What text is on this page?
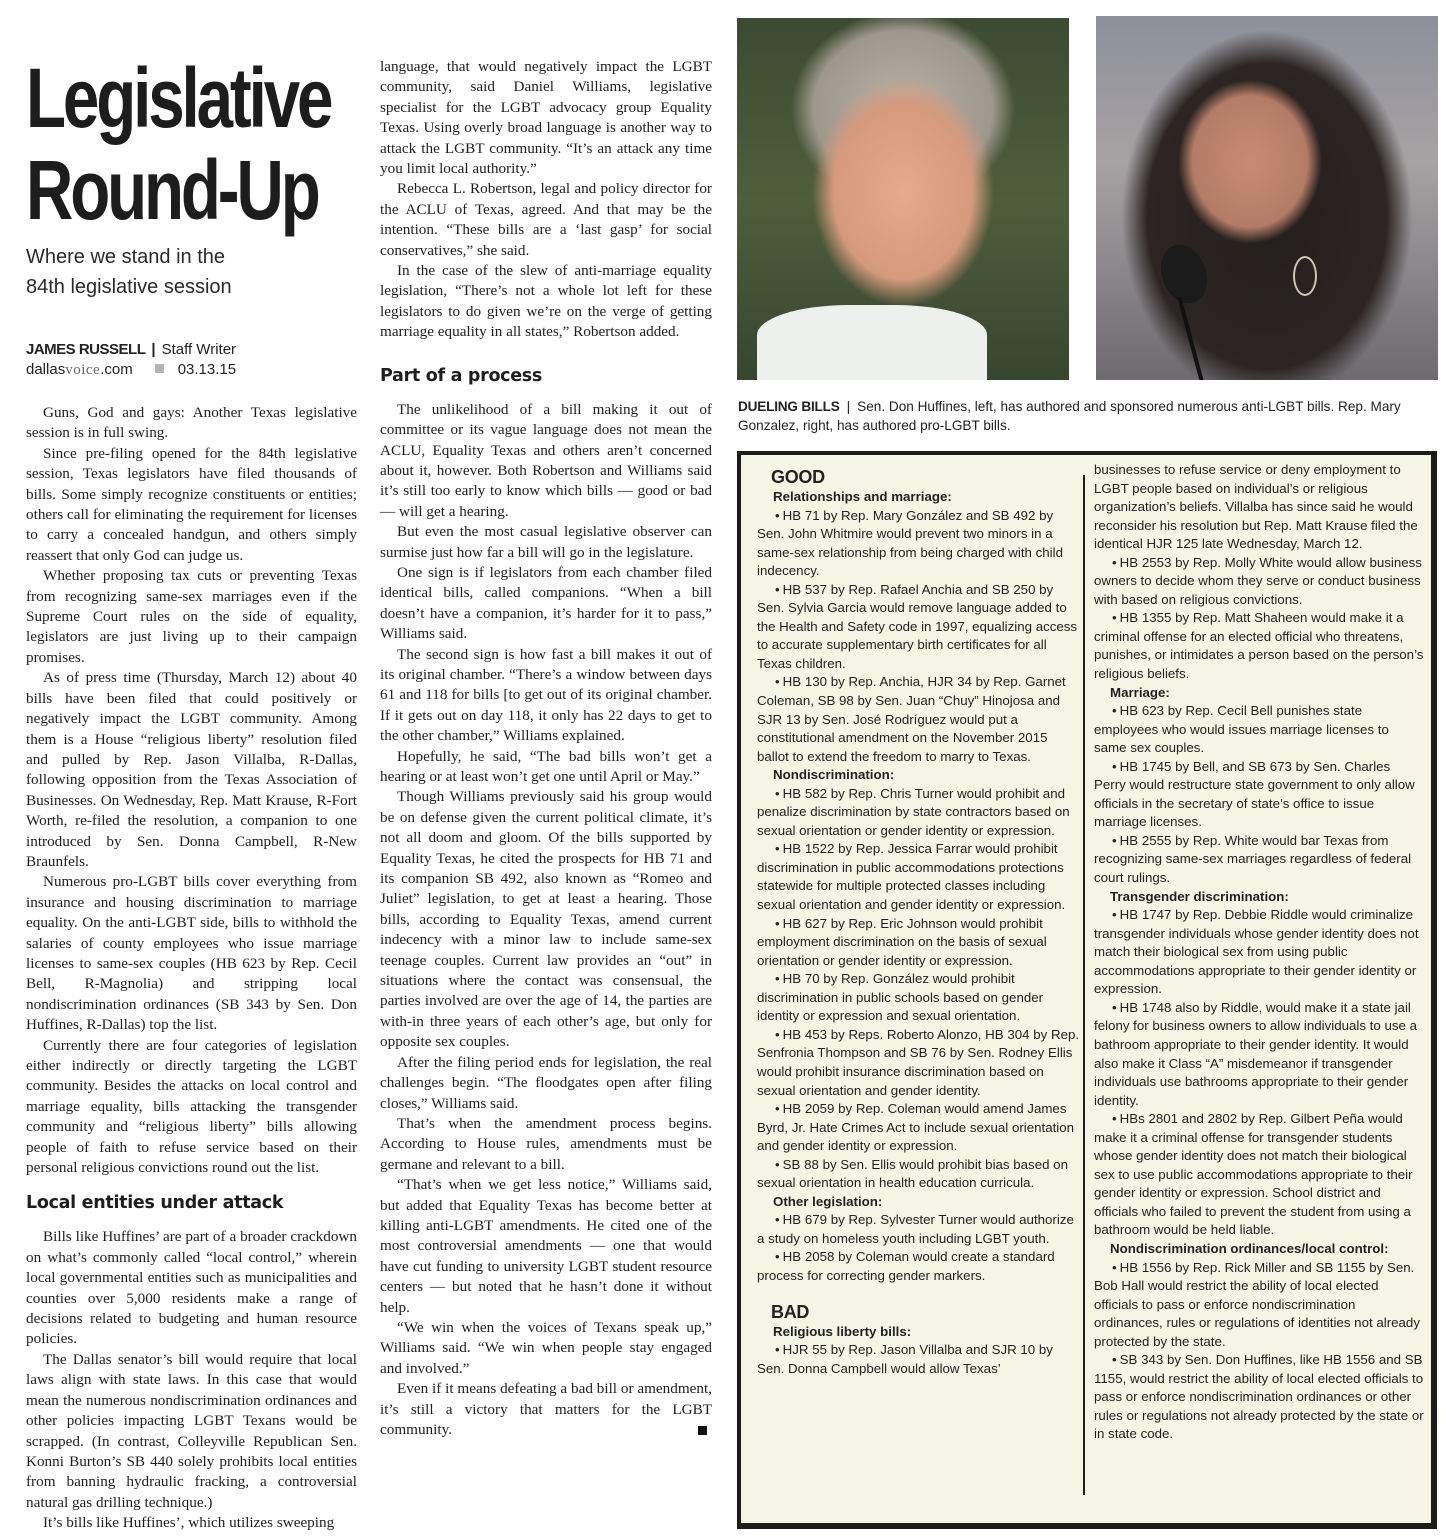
Legislative
Round-Up
Where we stand in the
84th legislative session
JAMES RUSSELL | Staff Writer
dallasvoice.com	03.13.15

Guns, God and gays: Another Texas legislative session is in full swing.

Since pre-filing opened for the 84th legislative session, Texas legislators have filed thousands of bills. Some simply recognize constituents or entities; others call for eliminating the requirement for licenses to carry a concealed handgun, and others simply reassert that only God can judge us.

Whether proposing tax cuts or preventing Texas from recognizing same-sex marriages even if the Supreme Court rules on the side of equality, legislators are just living up to their campaign promises.

As of press time (Thursday, March 12) about 40 bills have been filed that could positively or negatively impact the LGBT community. Among them is a House “religious liberty” resolution filed and pulled by Rep. Jason Villalba, R-Dallas, following opposition from the Texas Association of Businesses. On Wednesday, Rep. Matt Krause, R-Fort Worth, re-filed the resolution, a companion to one introduced by Sen. Donna Campbell, R-New Braunfels.

Numerous pro-LGBT bills cover everything from insurance and housing discrimination to marriage equality. On the anti-LGBT side, bills to withhold the salaries of county employees who issue marriage licenses to same-sex couples (HB 623 by Rep. Cecil Bell, R-Magnolia) and stripping local nondiscrimination ordinances (SB 343 by Sen. Don Huffines, R-Dallas) top the list.

Currently there are four categories of legislation either indirectly or directly targeting the LGBT community. Besides the attacks on local control and marriage equality, bills attacking the transgender community and “religious liberty” bills allowing people of faith to refuse service based on their personal religious convictions round out the list.

Local entities under attack

Bills like Huffines’ are part of a broader crackdown on what’s commonly called “local control,” wherein local governmental entities such as municipalities and counties over 5,000 residents make a range of decisions related to budgeting and human resource policies.

The Dallas senator’s bill would require that local laws align with state laws. In this case that would mean the numerous nondiscrimination ordinances and other policies impacting LGBT Texans would be scrapped. (In contrast, Colleyville Republican Sen. Konni Burton’s SB 440 solely prohibits local entities from banning hydraulic fracking, a controversial natural gas drilling technique.)

It’s bills like Huffines’, which utilizes sweeping

language, that would negatively impact the LGBT community, said Daniel Williams, legislative specialist for the LGBT advocacy group Equality Texas. Using overly broad language is another way to attack the LGBT community. “It’s an attack any time you limit local authority.”

Rebecca L. Robertson, legal and policy director for the ACLU of Texas, agreed. And that may be the intention. “These bills are a ‘last gasp’ for social conservatives,” she said.

In the case of the slew of anti-marriage equality legislation, “There’s not a whole lot left for these legislators to do given we’re on the verge of getting marriage equality in all states,” Robertson added.

Part of a process

The unlikelihood of a bill making it out of committee or its vague language does not mean the ACLU, Equality Texas and others aren’t concerned about it, however. Both Robertson and Williams said it’s still too early to know which bills — good or bad — will get a hearing.

But even the most casual legislative observer can surmise just how far a bill will go in the legislature.

One sign is if legislators from each chamber filed identical bills, called companions. “When a bill doesn’t have a companion, it’s harder for it to pass,” Williams said.

The second sign is how fast a bill makes it out of its original chamber. “There’s a window between days 61 and 118 for bills [to get out of its original chamber. If it gets out on day 118, it only has 22 days to get to the other chamber,” Williams explained.

Hopefully, he said, “The bad bills won’t get a hearing or at least won’t get one until April or May.”

Though Williams previously said his group would be on defense given the current political climate, it’s not all doom and gloom. Of the bills supported by Equality Texas, he cited the prospects for HB 71 and its companion SB 492, also known as “Romeo and Juliet” legislation, to get at least a hearing. Those bills, according to Equality Texas, amend current indecency with a minor law to include same-sex teenage couples. Current law provides an “out” in situations where the contact was consensual, the parties involved are over the age of 14, the parties are with-in three years of each other’s age, but only for opposite sex couples.

After the filing period ends for legislation, the real challenges begin. “The floodgates open after filing closes,” Williams said.

That’s when the amendment process begins. According to House rules, amendments must be germane and relevant to a bill.

“That’s when we get less notice,” Williams said, but added that Equality Texas has become better at killing anti-LGBT amendments. He cited one of the most controversial amendments — one that would have cut funding to university LGBT student resource centers — but noted that he hasn’t done it without help.

“We win when the voices of Texans speak up,” Williams said. “We win when people stay engaged and involved.”

Even if it means defeating a bad bill or amendment, it’s still a victory that matters for the LGBT community.

DUELING BILLS | Sen. Don Huffines, left, has authored and sponsored numerous anti-LGBT bills. Rep. Mary Gonzalez, right, has authored pro-LGBT bills.
GOOD
Relationships and marriage:
• HB 71 by Rep. Mary González and SB 492 by Sen. John Whitmire would prevent two minors in a same-sex relationship from being charged with child indecency.
• HB 537 by Rep. Rafael Anchia and SB 250 by Sen. Sylvia Garcia would remove language added to the Health and Safety code in 1997, equalizing access to accurate supplementary birth certificates for all Texas children.
• HB 130 by Rep. Anchia, HJR 34 by Rep. Garnet Coleman, SB 98 by Sen. Juan “Chuy” Hinojosa and SJR 13 by Sen. José Rodríguez would put a constitutional amendment on the November 2015 ballot to extend the freedom to marry to Texas.
Nondiscrimination:
• HB 582 by Rep. Chris Turner would prohibit and penalize discrimination by state contractors based on sexual orientation or gender identity or expression.
• HB 1522 by Rep. Jessica Farrar would prohibit discrimination in public accommodations protections statewide for multiple protected classes including sexual orientation and gender identity or expression.
• HB 627 by Rep. Eric Johnson would prohibit employment discrimination on the basis of sexual orientation or gender identity or expression.
• HB 70 by Rep. González would prohibit discrimination in public schools based on gender identity or expression and sexual orientation.
• HB 453 by Reps. Roberto Alonzo, HB 304 by Rep. Senfronia Thompson and SB 76 by Sen. Rodney Ellis would prohibit insurance discrimination based on sexual orientation and gender identity.
• HB 2059 by Rep. Coleman would amend James Byrd, Jr. Hate Crimes Act to include sexual orientation and gender identity or expression.
• SB 88 by Sen. Ellis would prohibit bias based on sexual orientation in health education curricula.
Other legislation:
• HB 679 by Rep. Sylvester Turner would authorize a study on homeless youth including LGBT youth.
• HB 2058 by Coleman would create a standard process for correcting gender markers.
BAD
Religious liberty bills:
• HJR 55 by Rep. Jason Villalba and SJR 10 by Sen. Donna Campbell would allow Texas’
businesses to refuse service or deny employment to LGBT people based on individual’s or religious organization’s beliefs. Villalba has since said he would reconsider his resolution but Rep. Matt Krause filed the identical HJR 125 late Wednesday, March 12.
• HB 2553 by Rep. Molly White would allow business owners to decide whom they serve or conduct business with based on religious convictions.
• HB 1355 by Rep. Matt Shaheen would make it a criminal offense for an elected official who threatens, punishes, or intimidates a person based on the person’s religious beliefs.
Marriage:
• HB 623 by Rep. Cecil Bell punishes state employees who would issues marriage licenses to same sex couples.
• HB 1745 by Bell, and SB 673 by Sen. Charles Perry would restructure state government to only allow officials in the secretary of state’s office to issue marriage licenses.
• HB 2555 by Rep. White would bar Texas from recognizing same-sex marriages regardless of federal court rulings.
Transgender discrimination:
• HB 1747 by Rep. Debbie Riddle would criminalize transgender individuals whose gender identity does not match their biological sex from using public accommodations appropriate to their gender identity or expression.
• HB 1748 also by Riddle, would make it a state jail felony for business owners to allow individuals to use a bathroom appropriate to their gender identity. It would also make it Class “A” misdemeanor if transgender individuals use bathrooms appropriate to their gender identity.
• HBs 2801 and 2802 by Rep. Gilbert Peña would make it a criminal offense for transgender students whose gender identity does not match their biological sex to use public accommodations appropriate to their gender identity or expression. School district and officials who failed to prevent the student from using a bathroom would be held liable.
Nondiscrimination ordinances/local control:
• HB 1556 by Rep. Rick Miller and SB 1155 by Sen. Bob Hall would restrict the ability of local elected officials to pass or enforce nondiscrimination ordinances, rules or regulations of identities not already protected by the state.
• SB 343 by Sen. Don Huffines, like HB 1556 and SB 1155, would restrict the ability of local elected officials to pass or enforce nondiscrimination ordinances or other rules or regulations not already protected by the state or in state code.
